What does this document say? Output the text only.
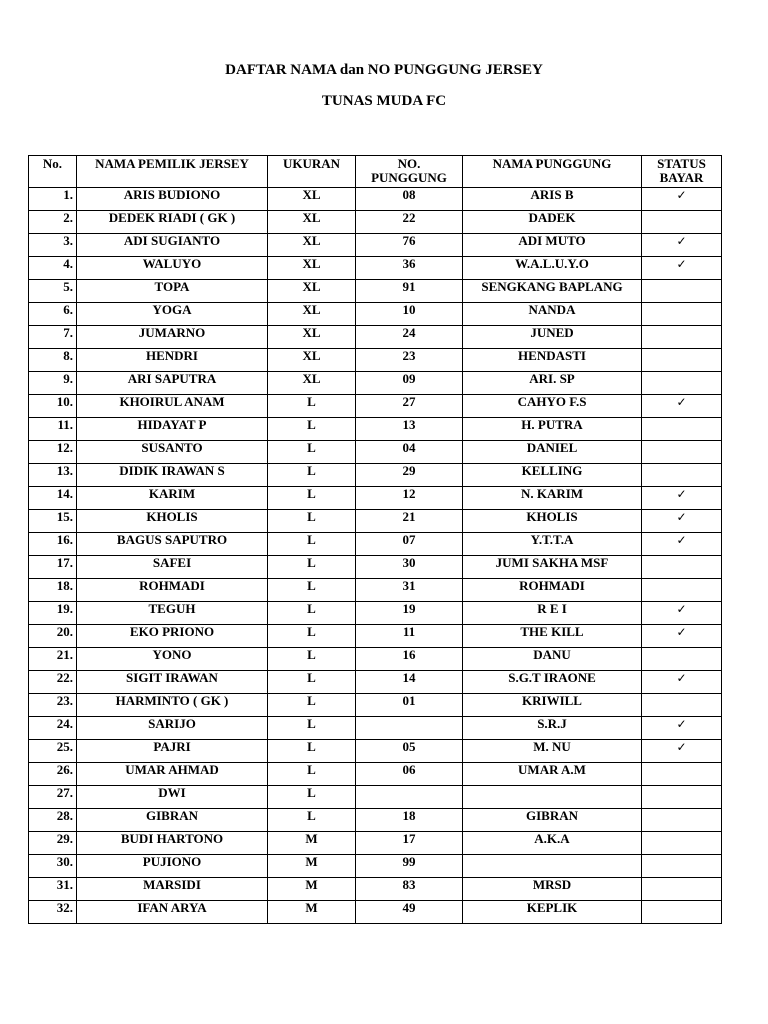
DAFTAR NAMA dan NO PUNGGUNG JERSEY
TUNAS MUDA FC
No.	NAMA PEMILIK JERSEY	UKURAN	NO. PUNGGUNG	NAMA PUNGGUNG	STATUS BAYAR
1.	ARIS BUDIONO	XL	08	ARIS B	✓
2.	DEDEK RIADI ( GK )	XL	22	DADEK	
3.	ADI SUGIANTO	XL	76	ADI MUTO	✓
4.	WALUYO	XL	36	W.A.L.U.Y.O	✓
5.	TOPA	XL	91	SENGKANG BAPLANG	
6.	YOGA	XL	10	NANDA	
7.	JUMARNO	XL	24	JUNED	
8.	HENDRI	XL	23	HENDASTI	
9.	ARI SAPUTRA	XL	09	ARI. SP	
10.	KHOIRUL ANAM	L	27	CAHYO F.S	✓
11.	HIDAYAT P	L	13	H. PUTRA	
12.	SUSANTO	L	04	DANIEL	
13.	DIDIK IRAWAN S	L	29	KELLING	
14.	KARIM	L	12	N. KARIM	✓
15.	KHOLIS	L	21	KHOLIS	✓
16.	BAGUS SAPUTRO	L	07	Y.T.T.A	✓
17.	SAFEI	L	30	JUMI SAKHA MSF	
18.	ROHMADI	L	31	ROHMADI	
19.	TEGUH	L	19	R E I	✓
20.	EKO PRIONO	L	11	THE KILL	✓
21.	YONO	L	16	DANU	
22.	SIGIT IRAWAN	L	14	S.G.T IRAONE	✓
23.	HARMINTO ( GK )	L	01	KRIWILL	
24.	SARIJO	L		S.R.J	✓
25.	PAJRI	L	05	M. NU	✓
26.	UMAR AHMAD	L	06	UMAR A.M	
27.	DWI	L			
28.	GIBRAN	L	18	GIBRAN	
29.	BUDI HARTONO	M	17	A.K.A	
30.	PUJIONO	M	99		
31.	MARSIDI	M	83	MRSD	
32.	IFAN ARYA	M	49	KEPLIK	
